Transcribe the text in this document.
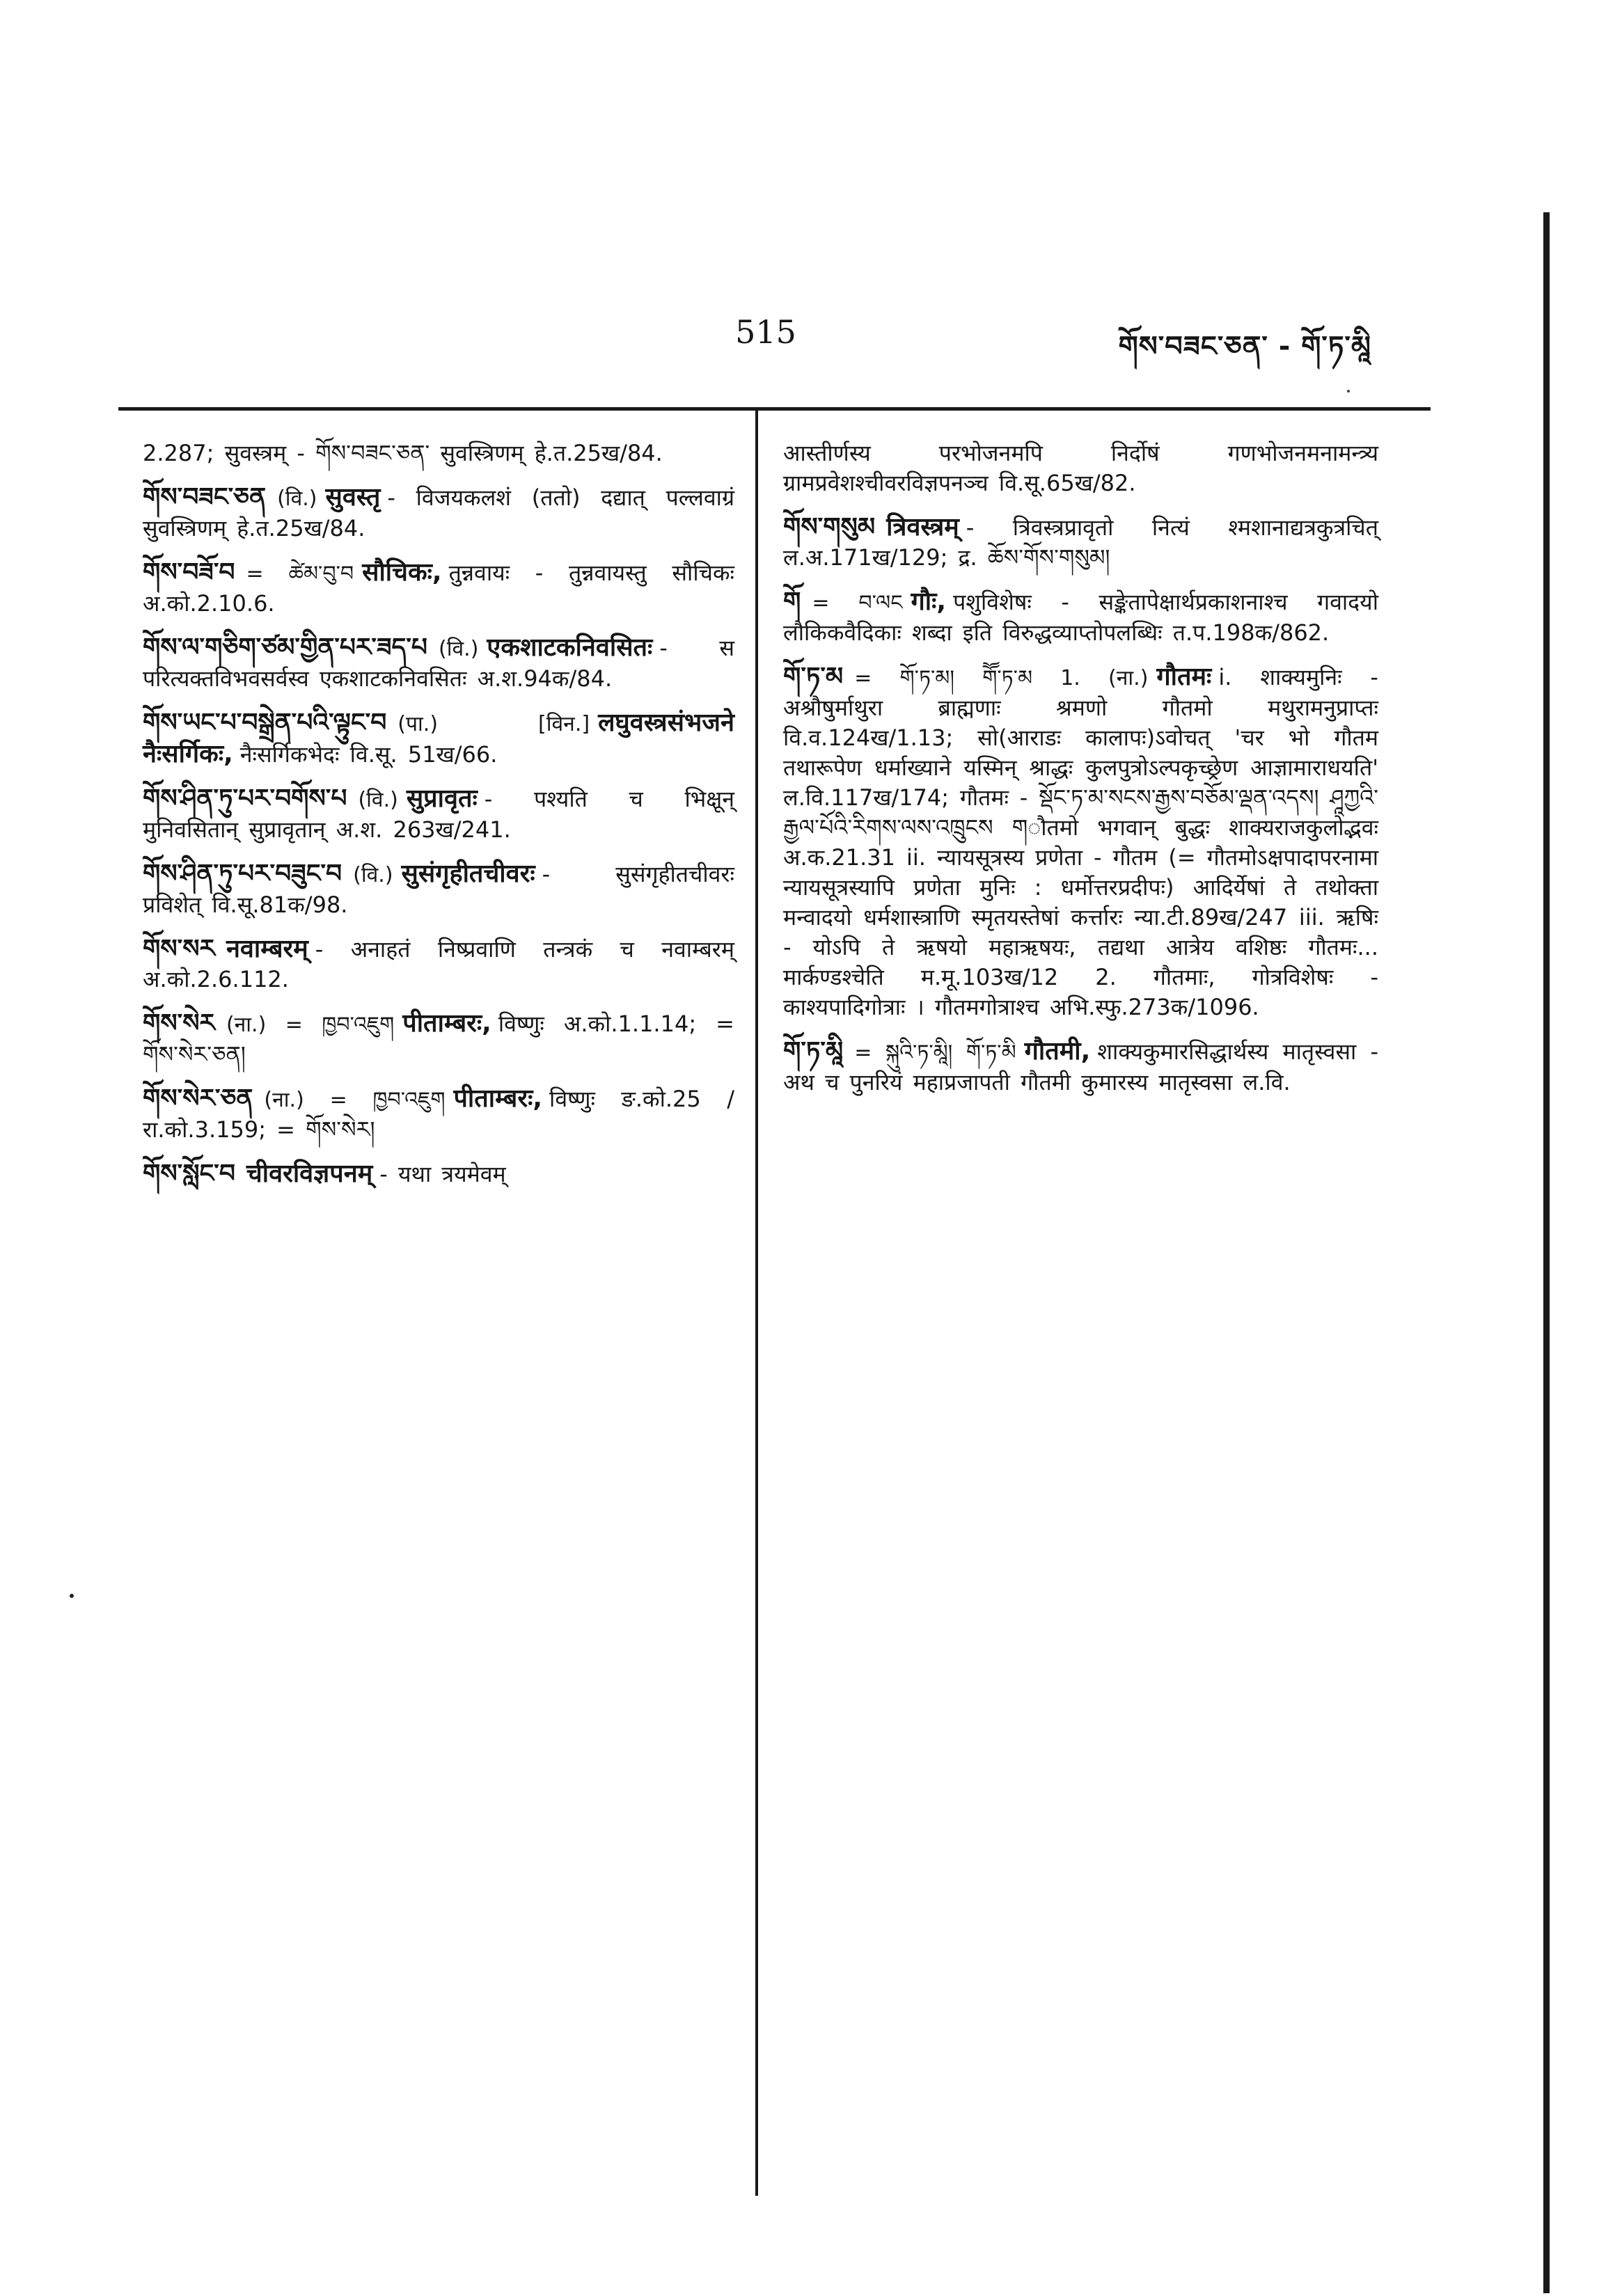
515	གོས་བཟང་ཅན་ - གོ་ཏ་མཱི

2.287; सुवस्त्रम् - གོས་བཟང་ཅན་ सुवस्त्रिणम् हे.त.25ख/84.

གོས་བཟང་ཅན (वि.) सुवस्तृ - विजयकलशं (ततो) दद्यात् पल्लवाग्रं सुवस्त्रिणम् हे.त.25ख/84.

གོས་བཟོ་བ = ཚེམ་བུ་བ सौचिकः, तुन्नवायः - तुन्नवायस्तु सौचिकः अ.को.2.10.6.

གོས་ལ་གཅིག་ཙམ་གྱིན་པར་ཟད་པ (वि.) एकशाटकनिवसितः - स परित्यक्तविभवसर्वस्व एकशाटकनिवसितः अ.श.94क/84.

གོས་ཡང་པ་བསྒྲེན་པའི་ལྟུང་བ (पा.) [विन.] लघुवस्त्रसंभजने नैःसर्गिकः, नैःसर्गिकभेदः वि.सू. 51ख/66.

གོས་ཤིན་ཏུ་པར་བགོས་པ (वि.) सुप्रावृतः - पश्यति च भिक्षून् मुनिवसितान् सुप्रावृतान् अ.श. 263ख/241.

གོས་ཤིན་ཏུ་པར་བཟུང་བ (वि.) सुसंगृहीतचीवरः - सुसंगृहीतचीवरः प्रविशेत् वि.सू.81क/98.

གོས་སར नवाम्बरम् - अनाहतं निष्प्रवाणि तन्त्रकं च नवाम्बरम् अ.को.2.6.112.

གོས་སེར (ना.) = ཁྱབ་འཇུག पीताम्बरः, विष्णुः अ.को.1.1.14; = གོས་སེར་ཅན།

གོས་སེར་ཅན (ना.) = ཁྱབ་འཇུག पीताम्बरः, विष्णुः ङ.को.25 / रा.को.3.159; = གོས་སེར།

གོས་སློང་བ चीवरविज्ञपनम् - यथा त्रयमेवम्

आस्तीर्णस्य परभोजनमपि निर्दोषं गणभोजनमनामन्त्र्य ग्रामप्रवेशश्चीवरविज्ञपनञ्च वि.सू.65ख/82.

གོས་གསུམ त्रिवस्त्रम् - त्रिवस्त्रप्रावृतो नित्यं श्मशानाद्यत्रकुत्रचित् ल.अ.171ख/129; द्र. ཆོས་གོས་གསུམ།

གོ = བ་ལང गौः, पशुविशेषः - सङ्केतापेक्षार्थप्रकाशनाश्च गवादयो लौकिकवैदिकाः शब्दा इति विरुद्धव्याप्तोपलब्धिः त.प.198क/862.

གོ་ཏ་མ = གོ་ཏ་མ། གཽ་ཏ་མ 1. (ना.) गौतमः i. शाक्यमुनिः - अश्रौषुर्माथुरा ब्राह्मणाः श्रमणो गौतमो मथुरामनुप्राप्तः वि.व.124ख/1.13; सो(आराडः कालापः)ऽवोचत् 'चर भो गौतम तथारूपेण धर्माख्याने यस्मिन् श्राद्धः कुलपुत्रोऽल्पकृच्छ्रेण आज्ञामाराधयति' ल.वि.117ख/174; गौतमः - སྡོང་ཏ་མ་སངས་རྒྱས་བཅོམ་ལྡན་འདས། ཤཱཀྱའི་རྒྱལ་པོའི་རིགས་ལས་འཁྲུངས གौतमो भगवान् बुद्धः शाक्यराजकुलोद्भवः अ.क.21.31 ii. न्यायसूत्रस्य प्रणेता - गौतम (= गौतमोऽक्षपादापरनामा न्यायसूत्रस्यापि प्रणेता मुनिः : धर्मोत्तरप्रदीपः) आदिर्येषां ते तथोक्ता मन्वादयो धर्मशास्त्राणि स्मृतयस्तेषां कर्त्तारः न्या.टी.89ख/247 iii. ऋषिः - योऽपि ते ऋषयो महाऋषयः, तद्यथा आत्रेय वशिष्ठः गौतमः... मार्कण्डश्चेति म.मू.103ख/12 2. गौतमाः, गोत्रविशेषः - काश्यपादिगोत्राः । गौतमगोत्राश्च अभि.स्फु.273क/1096.

གོ་ཏ་མཱི = སྐུའི་ཏ་མཱི། གོ་ཏ་མི गौतमी, शाक्यकुमारसिद्धार्थस्य मातृस्वसा - अथ च पुनरियं महाप्रजापती गौतमी कुमारस्य मातृस्वसा ल.वि.
